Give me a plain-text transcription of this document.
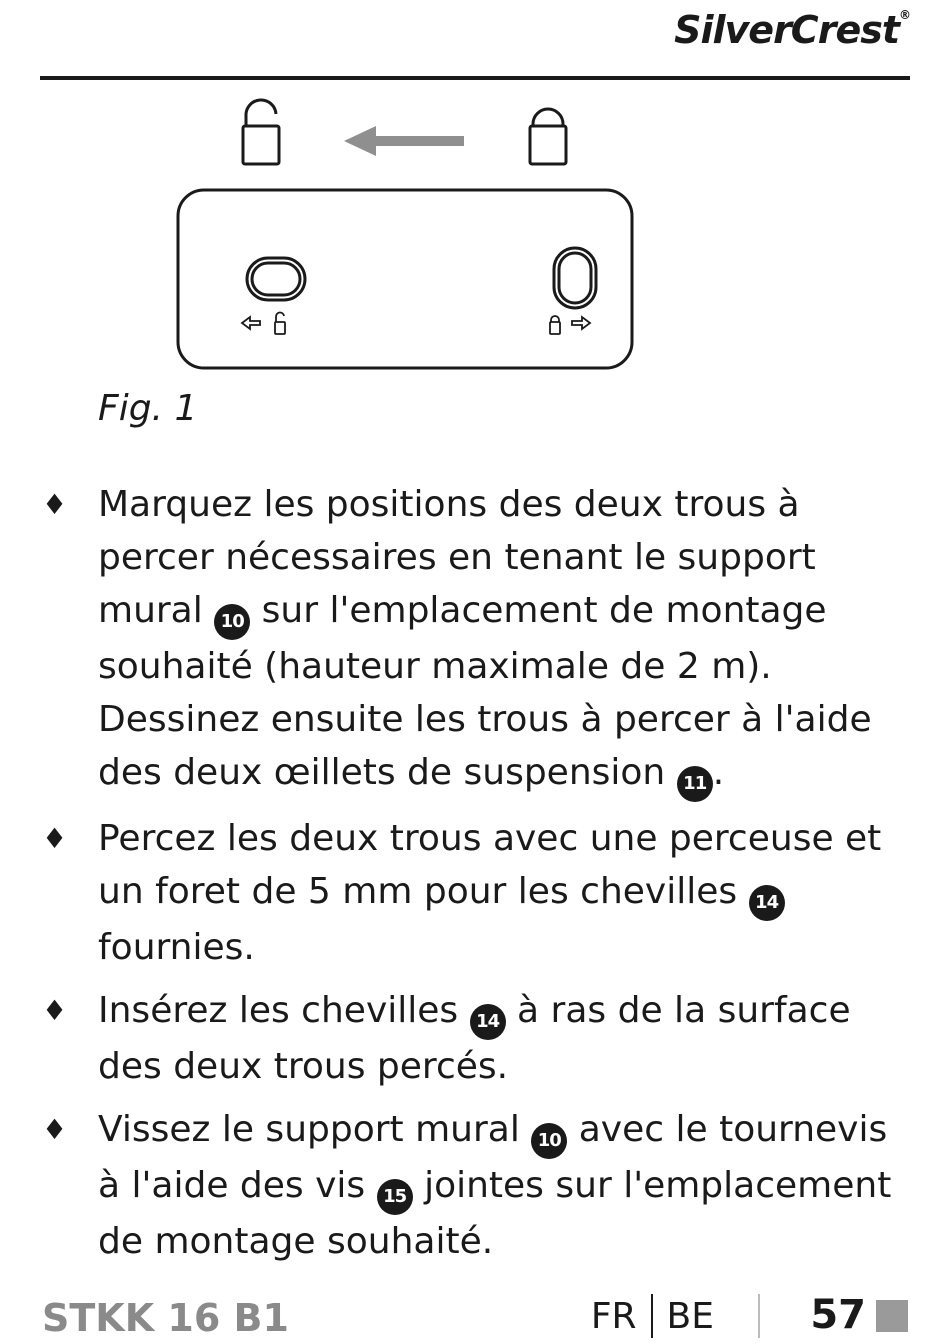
SilverCrest®
Fig. 1
♦ Marquez les positions des deux trous à percer nécessaires en tenant le support mural 10 sur l'emplacement de montage souhaité (hauteur maximale de 2 m). Dessinez ensuite les trous à percer à l'aide des deux œillets de suspension 11 .
♦ Percez les deux trous avec une perceuse et un foret de 5 mm pour les chevilles 14 fournies.
♦ Insérez les chevilles 14 à ras de la surface des deux trous percés.
♦ Vissez le support mural 10 avec le tournevis à l'aide des vis 15 jointes sur l'emplacement de montage souhaité.
STKK 16 B1	FR BE 57
